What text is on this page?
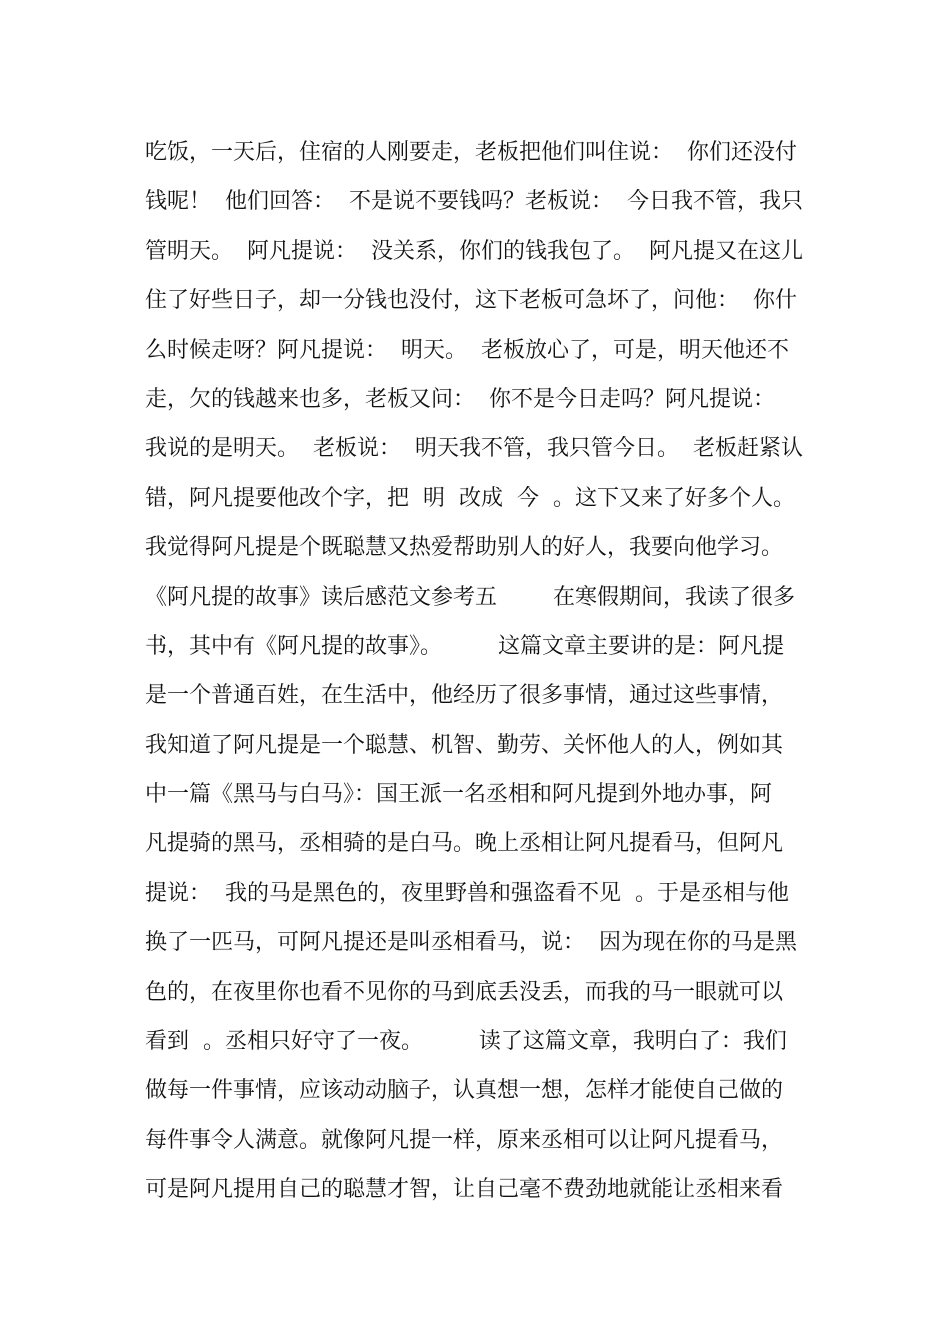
吃饭，一天后，住宿的人刚要走，老板把他们叫住说：  你们还没付
钱呢！  他们回答：  不是说不要钱吗？老板说：  今日我不管，我只
管明天。  阿凡提说：  没关系，你们的钱我包了。  阿凡提又在这儿
住了好些日子，却一分钱也没付，这下老板可急坏了，问他：  你什
么时候走呀？阿凡提说：  明天。  老板放心了，可是，明天他还不
走，欠的钱越来也多，老板又问：  你不是今日走吗？阿凡提说：
我说的是明天。  老板说：  明天我不管，我只管今日。  老板赶紧认
错，阿凡提要他改个字，把  明  改成  今  。这下又来了好多个人。
我觉得阿凡提是个既聪慧又热爱帮助别人的好人，我要向他学习。
《阿凡提的故事》读后感范文参考五        在寒假期间，我读了很多
书，其中有《阿凡提的故事》。        这篇文章主要讲的是：阿凡提
是一个普通百姓，在生活中，他经历了很多事情，通过这些事情，
我知道了阿凡提是一个聪慧、机智、勤劳、关怀他人的人，例如其
中一篇《黑马与白马》：国王派一名丞相和阿凡提到外地办事，阿
凡提骑的黑马，丞相骑的是白马。晚上丞相让阿凡提看马，但阿凡
提说：  我的马是黑色的，夜里野兽和强盗看不见  。于是丞相与他
换了一匹马，可阿凡提还是叫丞相看马，说：  因为现在你的马是黑
色的，在夜里你也看不见你的马到底丢没丢，而我的马一眼就可以
看到  。丞相只好守了一夜。        读了这篇文章，我明白了：我们
做每一件事情，应该动动脑子，认真想一想，怎样才能使自己做的
每件事令人满意。就像阿凡提一样，原来丞相可以让阿凡提看马，
可是阿凡提用自己的聪慧才智，让自己毫不费劲地就能让丞相来看
